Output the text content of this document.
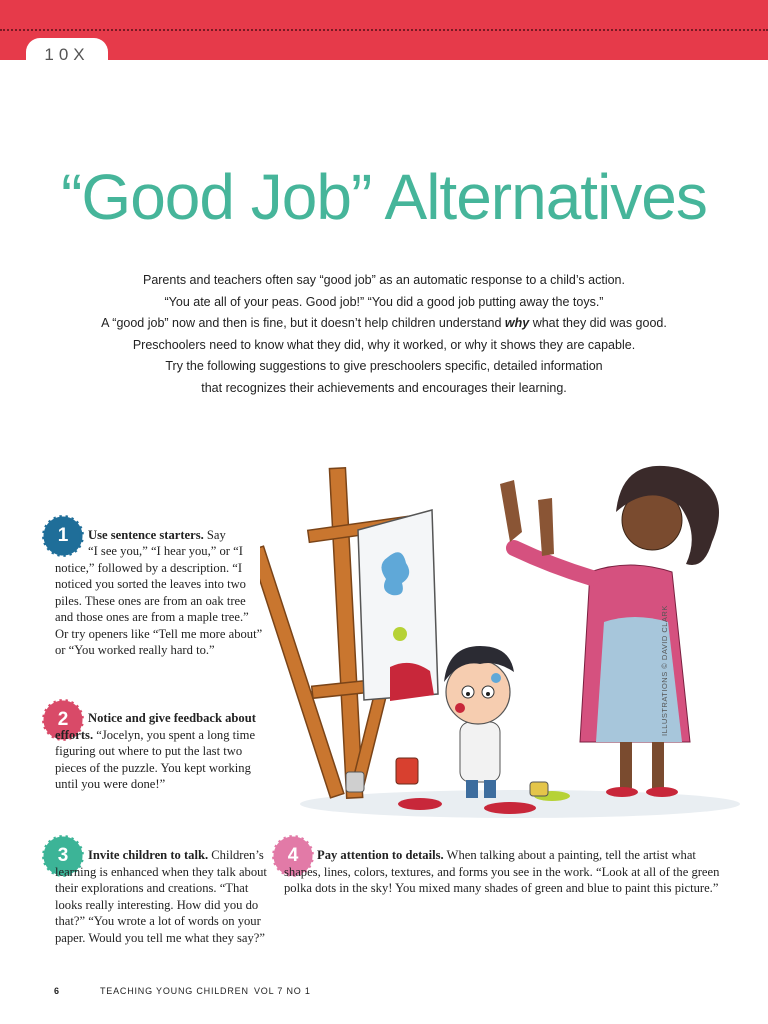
10X
“Good Job” Alternatives

Parents and teachers often say “good job” as an automatic response to a child’s action.

“You ate all of your peas. Good job!” “You did a good job putting away the toys.”

A “good job” now and then is fine, but it doesn’t help children understand why what they did was good.

Preschoolers need to know what they did, why it worked, or why it shows they are capable.

Try the following suggestions to give preschoolers specific, detailed information

that recognizes their achievements and encourages their learning.

ILLUSTRATIONS © DAVID CLARK
1	Use sentence starters. Say
“I see you,” “I hear you,” or “I notice,” followed by a description. “I noticed you sorted the leaves into two piles. These ones are from an oak tree and those ones are from a maple tree.” Or try openers like “Tell me more about” or “You worked really hard to.”
2	Notice and give feedback about efforts. “Jocelyn, you spent a long time figuring out where to put the last two pieces of the puzzle. You kept working until you were done!”
3	Invite children to talk. Children’s learning is enhanced when they talk about their explorations and creations. “That looks really interesting. How did you do that?” “You wrote a lot of words on your paper. Would you tell me what they say?”
4	Pay attention to details. When talking about a painting, tell the artist what shapes, lines, colors, textures, and forms you see in the work. “Look at all of the green polka dots in the sky! You mixed many shades of green and blue to paint this picture.”
6	TEACHING YOUNG CHILDREN VOL 7 NO 1
